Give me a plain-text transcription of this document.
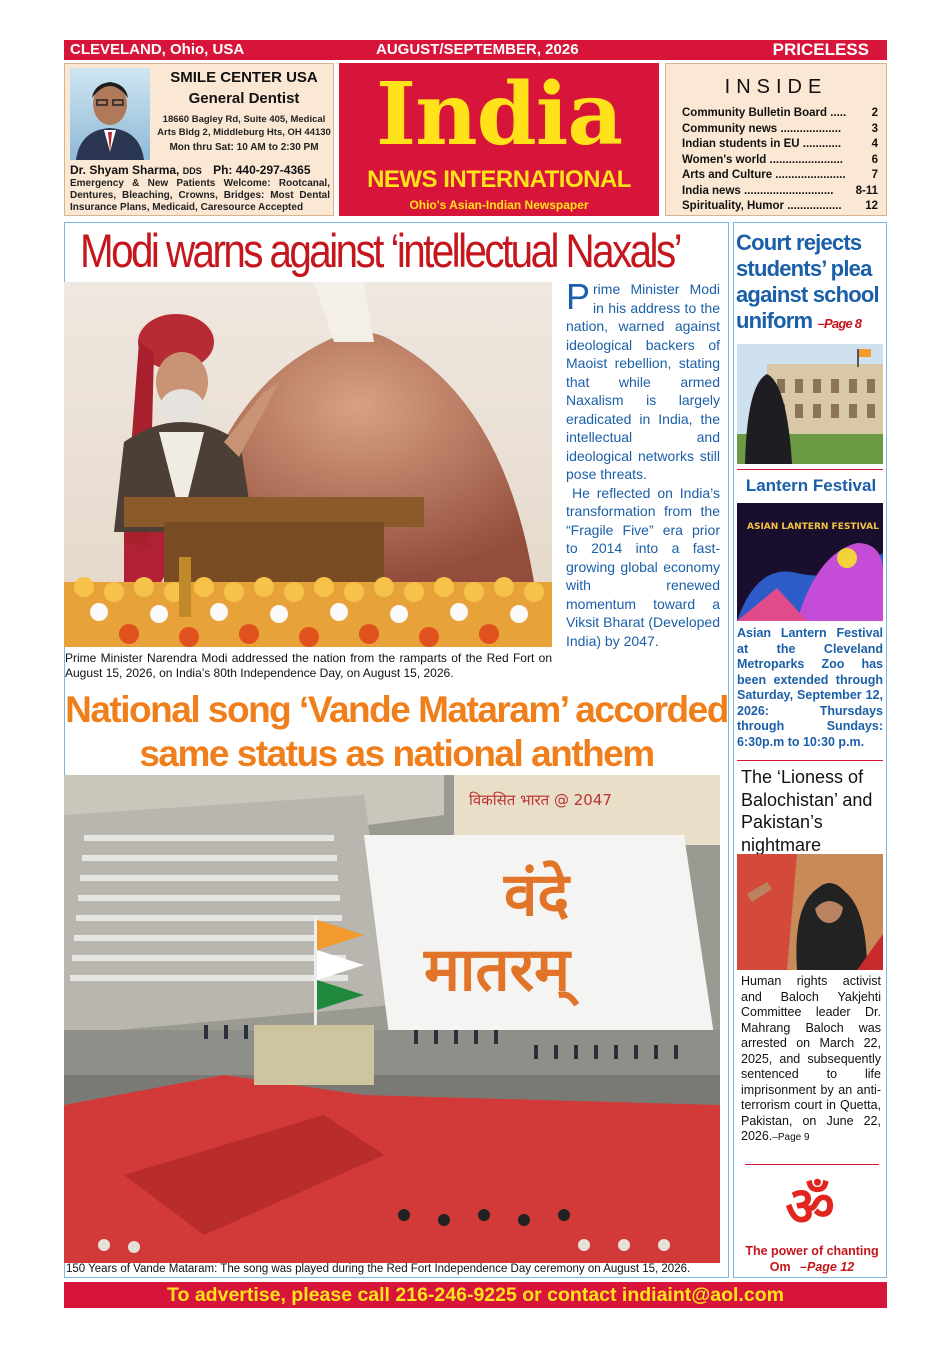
CLEVELAND, Ohio, USA	AUGUST/SEPTEMBER, 2026	PRICELESS
SMILE CENTER USA
General Dentist
18660 Bagley Rd, Suite 405, Medical Arts Bldg 2, Middleburg Hts, OH 44130
Mon thru Sat: 10 AM to 2:30 PM
Dr. Shyam Sharma, DDS Ph: 440-297-4365
Emergency & New Patients Welcome: Rootcanal, Dentures, Bleaching, Crowns, Bridges: Most Dental Insurance Plans, Medicaid, Caresource Accepted
India
NEWS INTERNATIONAL
Ohio's Asian-Indian Newspaper
INSIDE
Community Bulletin Board ..... 2
Community news ...................	3
Indian students in EU ............	4
Women's world ....................... 6
Arts and Culture ...................... 7
India news ............................ 8-11
Spirituality, Humor ................. 12
Modi warns against ‘intellectual Naxals’
Prime Minister Narendra Modi addressed the nation from the ramparts of the Red Fort on August 15, 2026, on India’s 80th Independence Day, on August 15, 2026.
Prime Minister Modi in his address to the nation, warned against ideological backers of Maoist rebellion, stating that while armed Naxalism is largely eradicated in India, the intellectual and ideological networks still pose threats.
He reflected on India’s transformation from the “Fragile Five” era prior to 2014 into a fast-growing global economy with renewed momentum toward a Viksit Bharat (Developed India) by 2047.
National song ‘Vande Mataram’ accorded same status as national anthem
विकसित भारत @ 2047
वंदे
मातरम्
150 Years of Vande Mataram: The song was played during the Red Fort Independence Day ceremony on August 15, 2026.
Court rejects students’ plea against school uniform –Page 8
Lantern Festival
ASIAN LANTERN FESTIVAL
Asian Lantern Festival at the Cleveland Metroparks Zoo has been extended through Saturday, September 12, 2026: Thursdays through Sundays: 6:30p.m to 10:30 p.m.
The ‘Lioness of Balochistan’ and Pakistan’s nightmare
Human rights activist and Baloch Yakjehti Committee leader Dr. Mahrang Baloch was arrested on March 22, 2025, and subsequently sentenced to life imprisonment by an anti-terrorism court in Quetta, Pakistan, on June 22, 2026.–Page 9
ॐ
The power of chanting Om –Page 12
To advertise, please call 216-246-9225 or contact indiaint@aol.com
